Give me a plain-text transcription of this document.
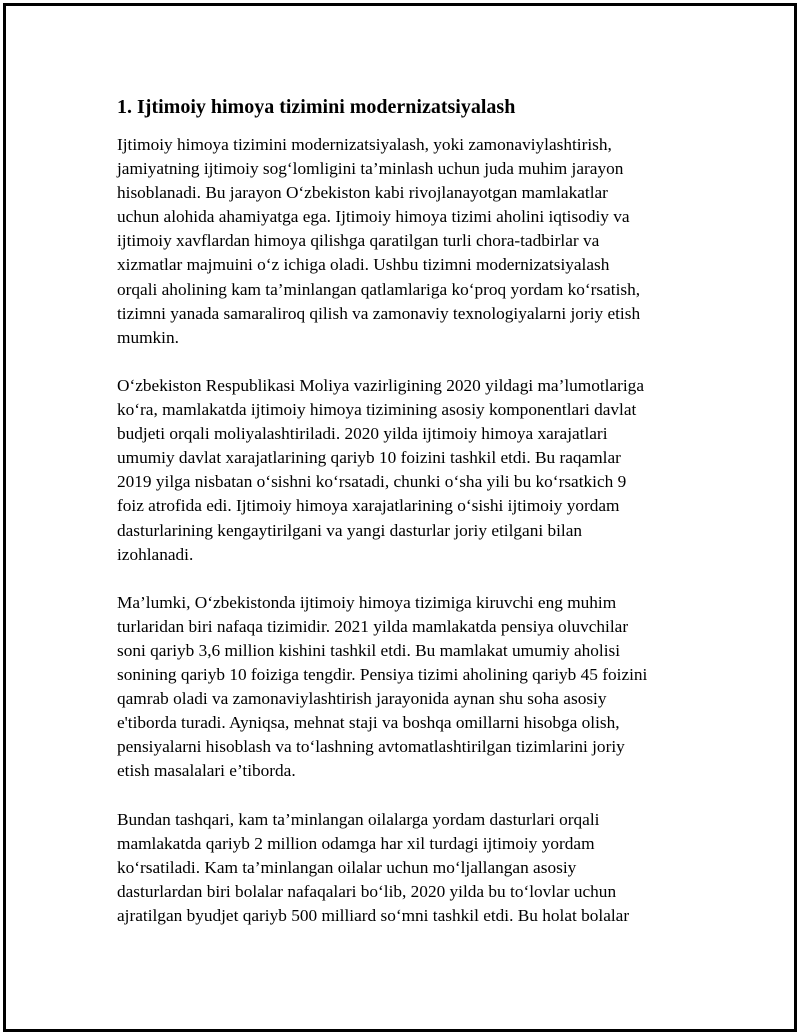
1. Ijtimoiy himoya tizimini modernizatsiyalash
Ijtimoiy himoya tizimini modernizatsiyalash, yoki zamonaviylashtirish,
jamiyatning ijtimoiy sog‘lomligini ta’minlash uchun juda muhim jarayon
hisoblanadi. Bu jarayon O‘zbekiston kabi rivojlanayotgan mamlakatlar
uchun alohida ahamiyatga ega. Ijtimoiy himoya tizimi aholini iqtisodiy va
ijtimoiy xavflardan himoya qilishga qaratilgan turli chora-tadbirlar va
xizmatlar majmuini o‘z ichiga oladi. Ushbu tizimni modernizatsiyalash
orqali aholining kam ta’minlangan qatlamlariga ko‘proq yordam ko‘rsatish,
tizimni yanada samaraliroq qilish va zamonaviy texnologiyalarni joriy etish
mumkin.
O‘zbekiston Respublikasi Moliya vazirligining 2020 yildagi ma’lumotlariga
ko‘ra, mamlakatda ijtimoiy himoya tizimining asosiy komponentlari davlat
budjeti orqali moliyalashtiriladi. 2020 yilda ijtimoiy himoya xarajatlari
umumiy davlat xarajatlarining qariyb 10 foizini tashkil etdi. Bu raqamlar
2019 yilga nisbatan o‘sishni ko‘rsatadi, chunki o‘sha yili bu ko‘rsatkich 9
foiz atrofida edi. Ijtimoiy himoya xarajatlarining o‘sishi ijtimoiy yordam
dasturlarining kengaytirilgani va yangi dasturlar joriy etilgani bilan
izohlanadi.
Ma’lumki, O‘zbekistonda ijtimoiy himoya tizimiga kiruvchi eng muhim
turlaridan biri nafaqa tizimidir. 2021 yilda mamlakatda pensiya oluvchilar
soni qariyb 3,6 million kishini tashkil etdi. Bu mamlakat umumiy aholisi
sonining qariyb 10 foiziga tengdir. Pensiya tizimi aholining qariyb 45 foizini
qamrab oladi va zamonaviylashtirish jarayonida aynan shu soha asosiy
e'tiborda turadi. Ayniqsa, mehnat staji va boshqa omillarni hisobga olish,
pensiyalarni hisoblash va to‘lashning avtomatlashtirilgan tizimlarini joriy
etish masalalari e’tiborda.
Bundan tashqari, kam ta’minlangan oilalarga yordam dasturlari orqali
mamlakatda qariyb 2 million odamga har xil turdagi ijtimoiy yordam
ko‘rsatiladi. Kam ta’minlangan oilalar uchun mo‘ljallangan asosiy
dasturlardan biri bolalar nafaqalari bo‘lib, 2020 yilda bu to‘lovlar uchun
ajratilgan byudjet qariyb 500 milliard so‘mni tashkil etdi. Bu holat bolalar
